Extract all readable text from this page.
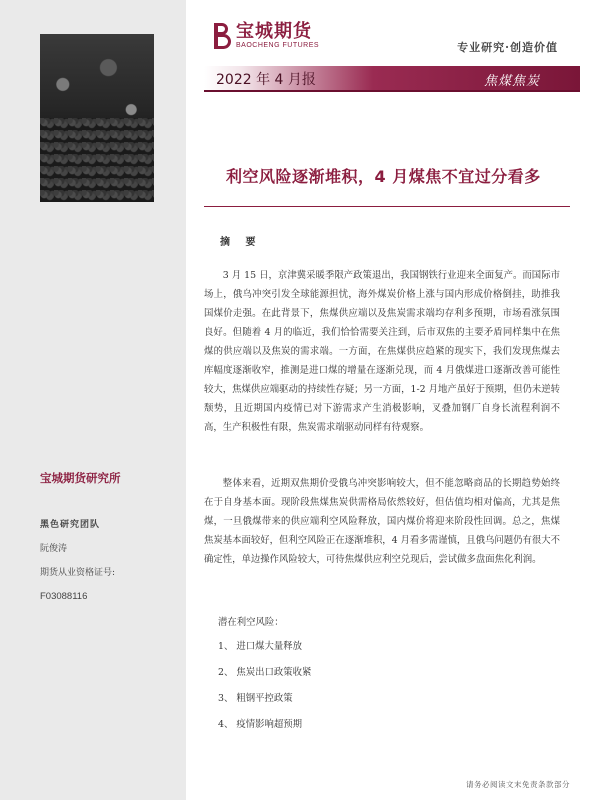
宝城期货研究所
黑色研究团队
阮俊涛
期货从业资格证号:
F03088116
宝城期货
BAOCHENG FUTURES	专业研究·创造价值
2022 年 4 月报	焦煤焦炭
利空风险逐渐堆积，4 月煤焦不宜过分看多
摘 要
3 月 15 日，京津冀采暖季限产政策退出，我国钢铁行业迎来全面复产。而国际市场上，俄乌冲突引发全球能源担忧，海外煤炭价格上涨与国内形成价格倒挂，助推我国煤价走强。在此背景下，焦煤供应端以及焦炭需求端均存利多预期，市场看涨氛围良好。但随着 4 月的临近，我们恰恰需要关注到，后市双焦的主要矛盾同样集中在焦煤的供应端以及焦炭的需求端。一方面，在焦煤供应趋紧的现实下，我们发现焦煤去库幅度逐渐收窄，推测是进口煤的增量在逐渐兑现，而 4 月俄煤进口逐渐改善可能性较大，焦煤供应端驱动的持续性存疑；另一方面，1-2 月地产虽好于预期，但仍未逆转颓势，且近期国内疫情已对下游需求产生消极影响，叉叠加钢厂自身长流程利润不高，生产积极性有限，焦炭需求端驱动同样有待观察。
整体来看，近期双焦期价受俄乌冲突影响较大，但不能忽略商品的长期趋势始终在于自身基本面。现阶段焦煤焦炭供需格局依然较好，但估值均相对偏高，尤其是焦煤，一旦俄煤带来的供应端利空风险释放，国内煤价将迎来阶段性回调。总之，焦煤焦炭基本面较好，但利空风险正在逐渐堆积，4 月看多需谨慎，且俄乌问题仍有很大不确定性，单边操作风险较大，可待焦煤供应利空兑现后，尝试做多盘面焦化利润。
潜在利空风险：
1、 进口煤大量释放
2、 焦炭出口政策收紧
3、 粗钢平控政策
4、 疫情影响超预期
请务必阅读文末免责条款部分
